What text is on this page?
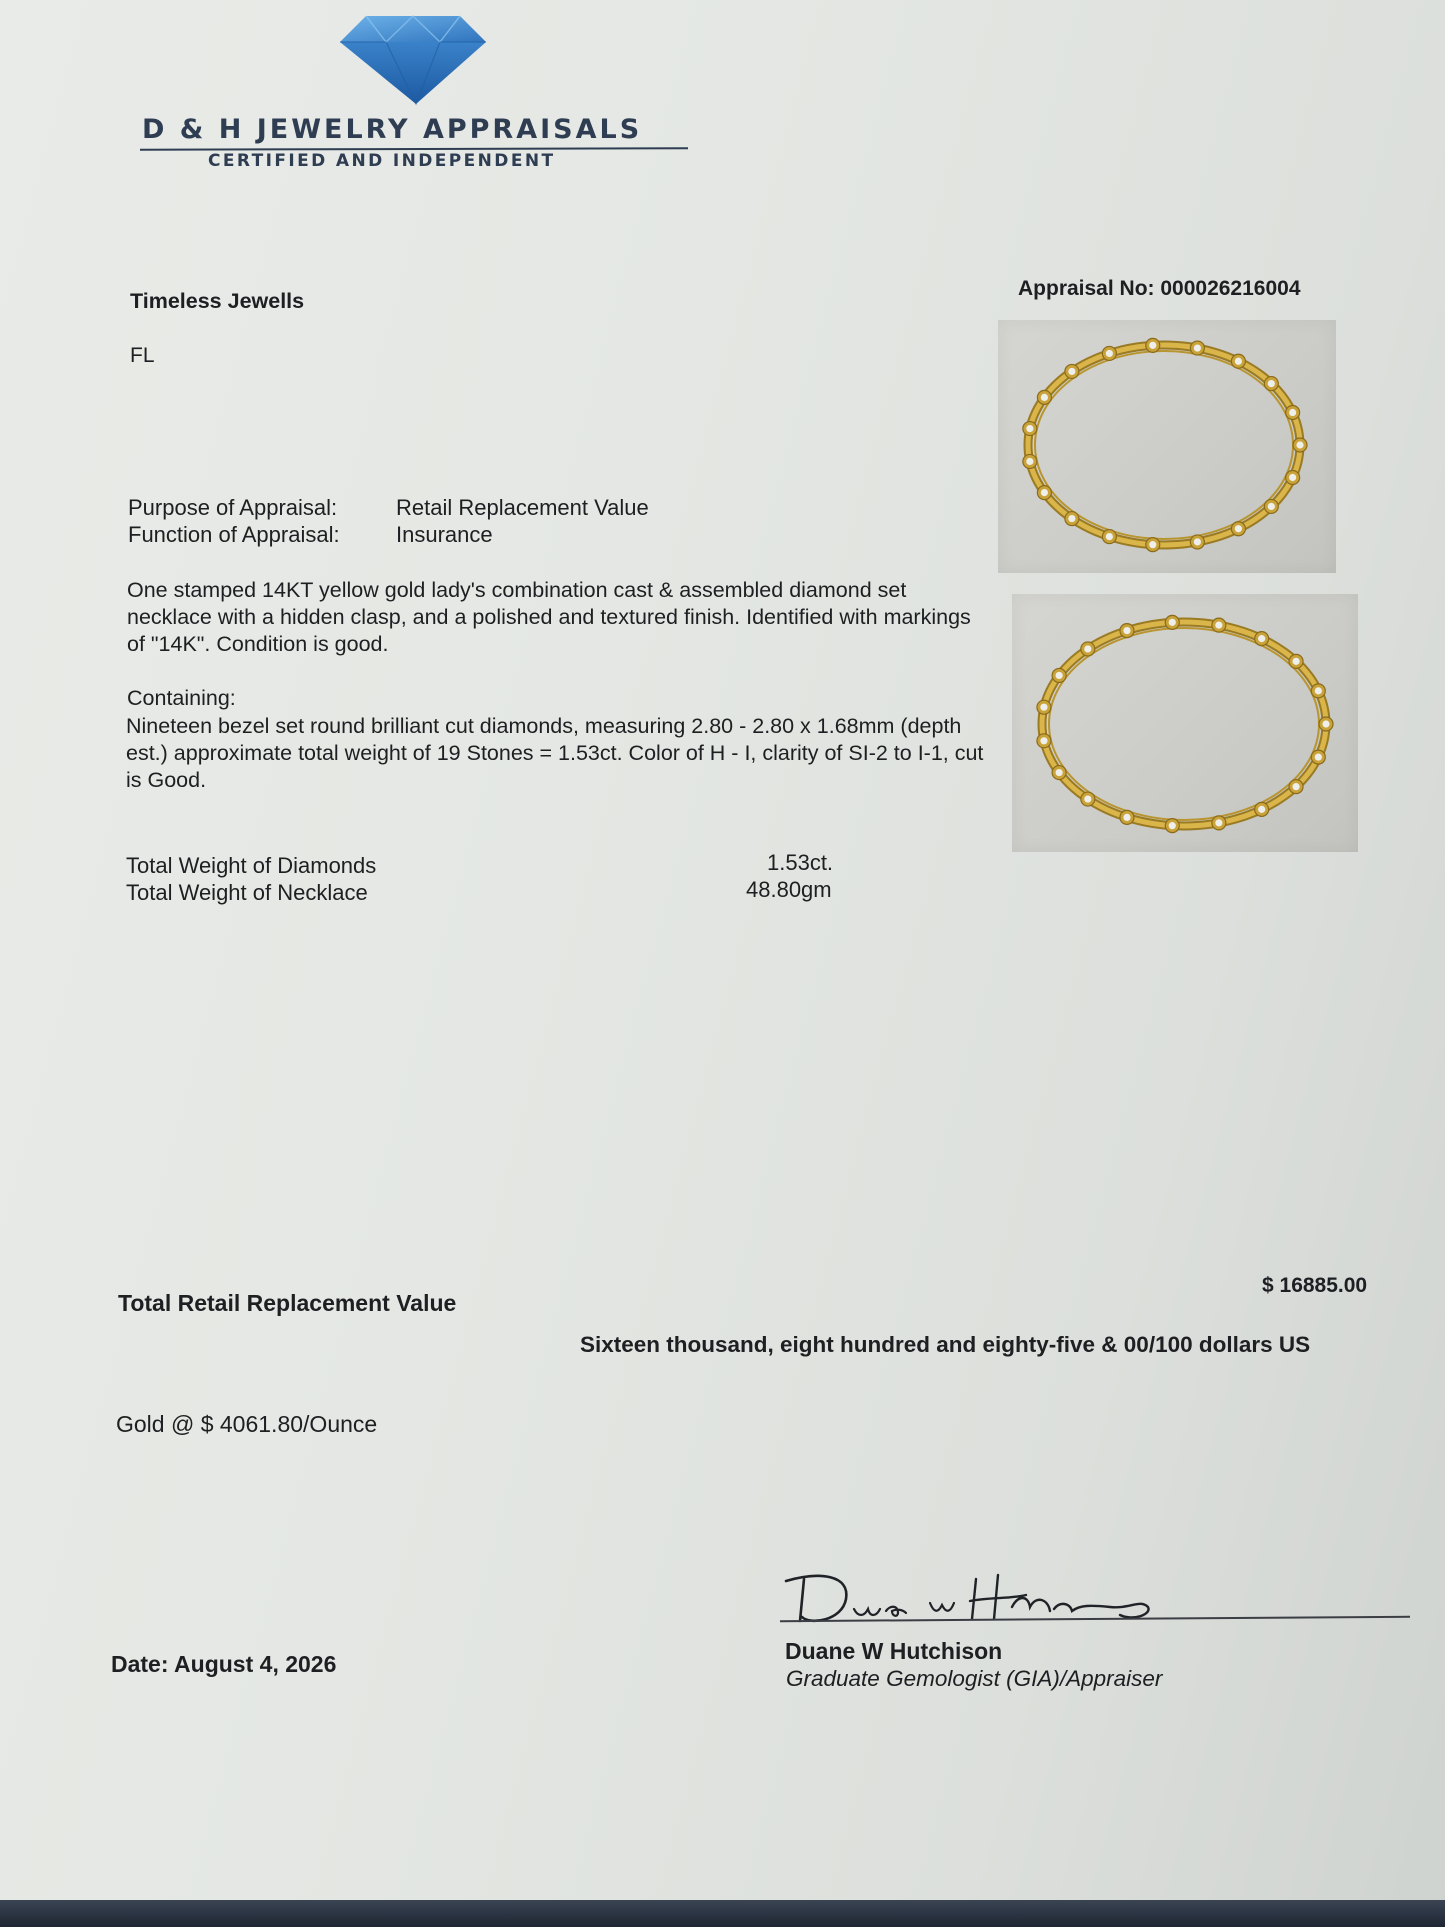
D & H JEWELRY APPRAISALS
CERTIFIED AND INDEPENDENT
Timeless Jewells
FL
Appraisal No: 000026216004
Purpose of Appraisal:	Retail Replacement Value
Function of Appraisal:	Insurance
One stamped 14KT yellow gold lady's combination cast & assembled diamond set necklace with a hidden clasp, and a polished and textured finish. Identified with markings of "14K". Condition is good.
Containing:
Nineteen bezel set round brilliant cut diamonds, measuring 2.80 - 2.80 x 1.68mm (depth est.) approximate total weight of 19 Stones = 1.53ct. Color of H - I, clarity of SI-2 to I-1, cut is Good.
Total Weight of Diamonds	1.53ct.
Total Weight of Necklace	48.80gm
Total Retail Replacement Value
$ 16885.00
Sixteen thousand, eight hundred and eighty-five & 00/100 dollars US
Gold @ $ 4061.80/Ounce
Date: August 4, 2026	Duane W Hutchison
Graduate Gemologist (GIA)/Appraiser
